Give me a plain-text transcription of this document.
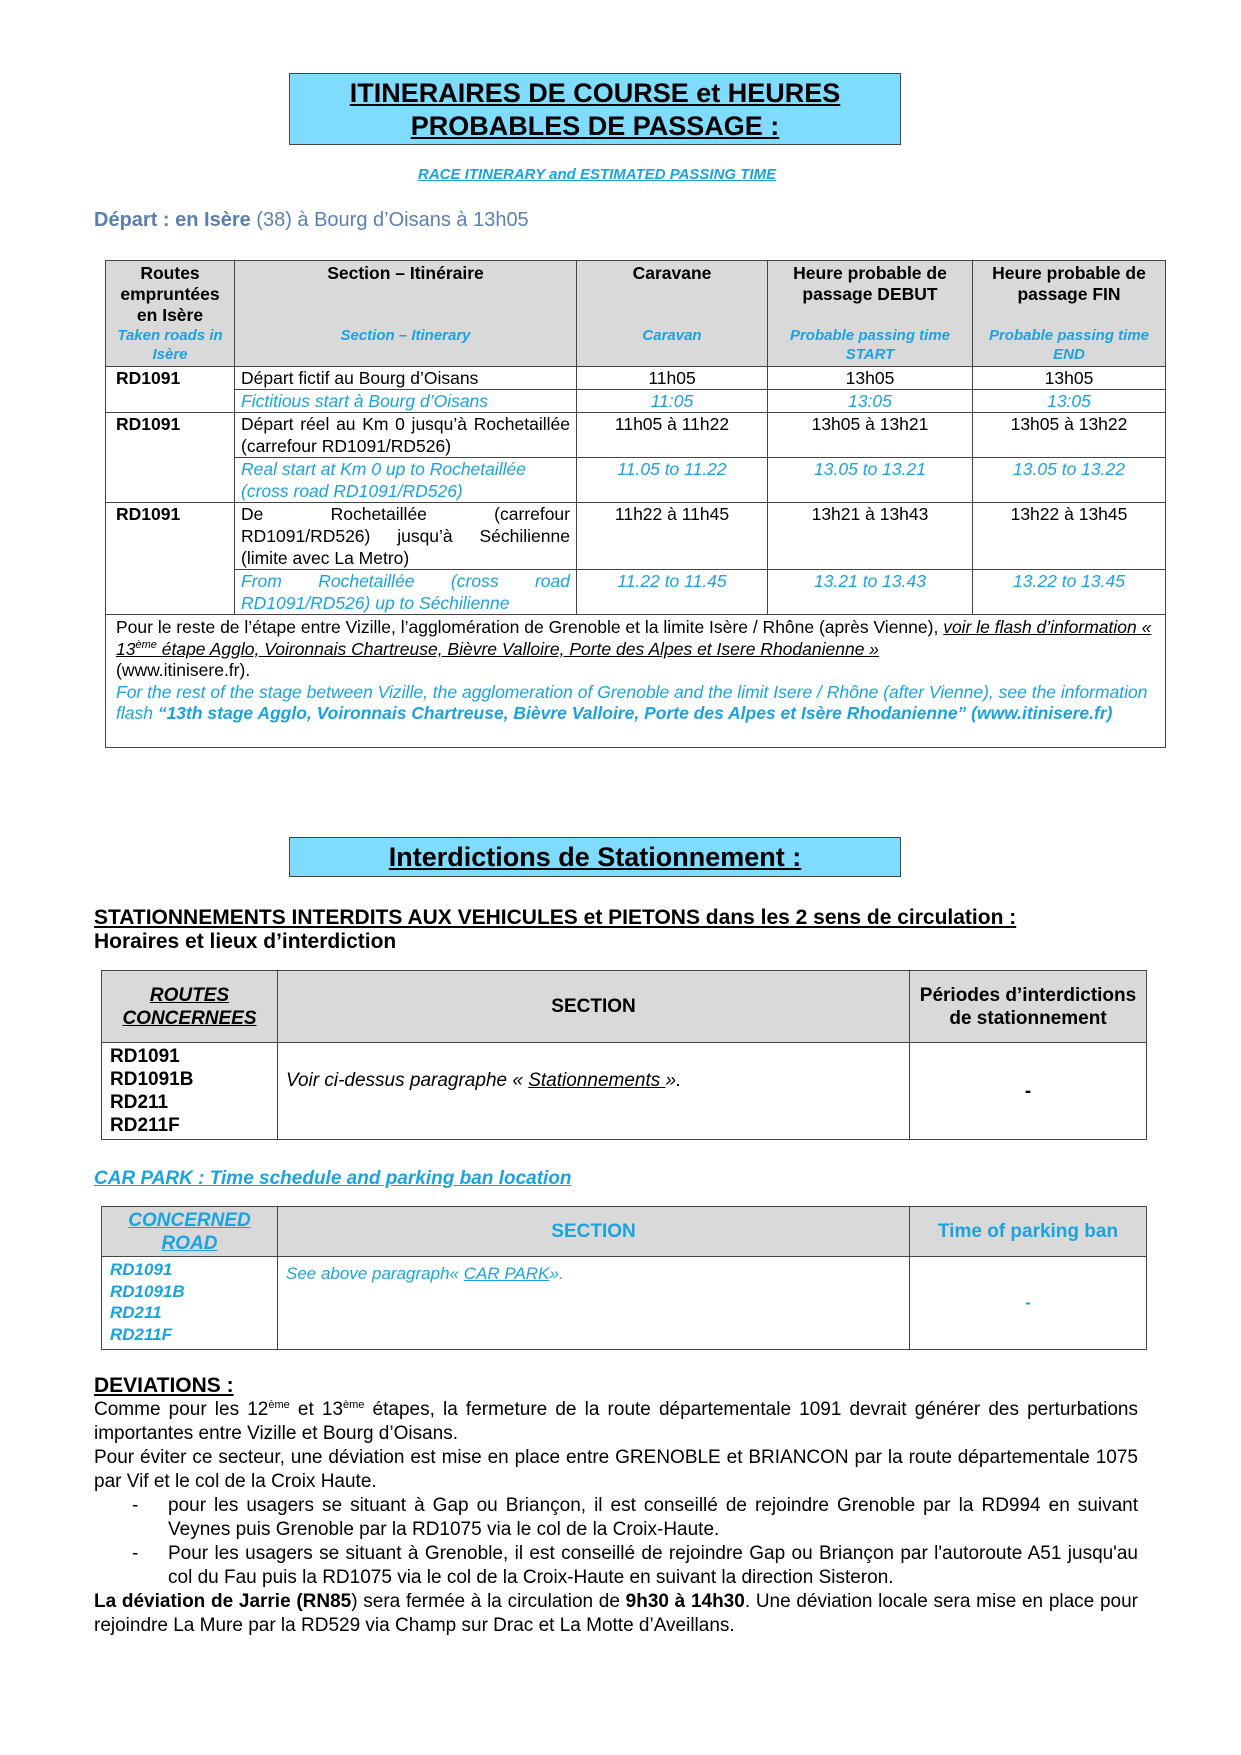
ITINERAIRES DE COURSE et HEURES
PROBABLES DE PASSAGE :
RACE ITINERARY and ESTIMATED PASSING TIME
Départ : en Isère (38) à Bourg d’Oisans à 13h05
Routes empruntées en Isère	Section – Itinéraire	Caravane	Heure probable de passage DEBUT	Heure probable de passage FIN
Taken roads in Isère	Section – Itinerary	Caravan	Probable passing time START	Probable passing time END
RD1091	Départ fictif au Bourg d’Oisans	11h05	13h05	13h05
	Fictitious start à Bourg d’Oisans	11:05	13:05	13:05
RD1091	Départ réel au Km 0 jusqu’à Rochetaillée (carrefour RD1091/RD526)	11h05 à 11h22	13h05 à 13h21	13h05 à 13h22
	Real start at Km 0 up to Rochetaillée (cross road RD1091/RD526)	11.05 to 11.22	13.05 to 13.21	13.05 to 13.22
RD1091	De Rochetaillée (carrefour RD1091/RD526) jusqu’à Séchilienne (limite avec La Metro)	11h22 à 11h45	13h21 à 13h43	13h22 à 13h45
	From Rochetaillée (cross road RD1091/RD526) up to Séchilienne	11.22 to 11.45	13.21 to 13.43	13.22 to 13.45

Pour le reste de l’étape entre Vizille, l’agglomération de Grenoble et la limite Isère / Rhône (après Vienne), voir le flash d’information « 13ème étape Agglo, Voironnais Chartreuse, Bièvre Valloire, Porte des Alpes et Isere Rhodanienne »
(www.itinisere.fr).
For the rest of the stage between Vizille, the agglomeration of Grenoble and the limit Isere / Rhône (after Vienne), see the information flash “13th stage Agglo, Voironnais Chartreuse, Bièvre Valloire, Porte des Alpes et Isère Rhodanienne” (www.itinisere.fr)				
Interdictions de Stationnement :
STATIONNEMENTS INTERDITS AUX VEHICULES et PIETONS dans les 2 sens de circulation :
Horaires et lieux d’interdiction
ROUTES CONCERNEES	SECTION	Périodes d’interdictions de stationnement

RD1091
RD1091B
RD211
RD211F	Voir ci-dessus paragraphe « Stationnements ».	-
CAR PARK : Time schedule and parking ban location
CONCERNED ROAD	SECTION	Time of parking ban

RD1091
RD1091B
RD211
RD211F	See above paragraph« CAR PARK».	-
DEVIATIONS :

Comme pour les 12ème et 13ème étapes, la fermeture de la route départementale 1091 devrait générer des perturbations importantes entre Vizille et Bourg d’Oisans.

Pour éviter ce secteur, une déviation est mise en place entre GRENOBLE et BRIANCON par la route départementale 1075 par Vif et le col de la Croix Haute.

-	pour les usagers se situant à Gap ou Briançon, il est conseillé de rejoindre Grenoble par la RD994 en suivant Veynes puis Grenoble par la RD1075 via le col de la Croix-Haute.
-	Pour les usagers se situant à Grenoble, il est conseillé de rejoindre Gap ou Briançon par l'autoroute A51 jusqu'au col du Fau puis la RD1075 via le col de la Croix-Haute en suivant la direction Sisteron.

La déviation de Jarrie (RN85) sera fermée à la circulation de 9h30 à 14h30. Une déviation locale sera mise en place pour rejoindre La Mure par la RD529 via Champ sur Drac et La Motte d’Aveillans.
